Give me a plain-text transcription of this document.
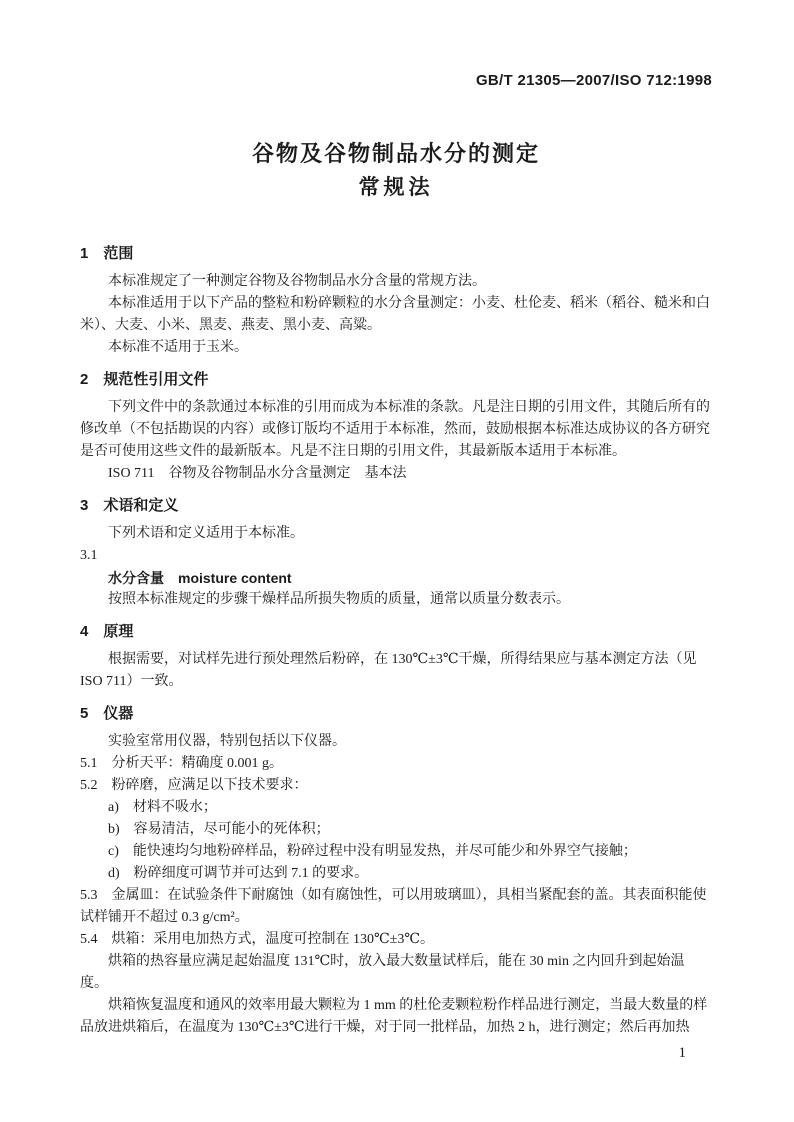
GB/T 21305—2007/ISO 712:1998
谷物及谷物制品水分的测定
常规法
1　范围

本标准规定了一种测定谷物及谷物制品水分含量的常规方法。

本标准适用于以下产品的整粒和粉碎颗粒的水分含量测定：小麦、杜伦麦、稻米（稻谷、糙米和白米）、大麦、小米、黑麦、燕麦、黑小麦、高粱。

本标准不适用于玉米。

2　规范性引用文件

下列文件中的条款通过本标准的引用而成为本标准的条款。凡是注日期的引用文件，其随后所有的修改单（不包括勘误的内容）或修订版均不适用于本标准，然而，鼓励根据本标准达成协议的各方研究是否可使用这些文件的最新版本。凡是不注日期的引用文件，其最新版本适用于本标准。

ISO 711　谷物及谷物制品水分含量测定　基本法

3　术语和定义

下列术语和定义适用于本标准。

3.1

水分含量　moisture content

按照本标准规定的步骤干燥样品所损失物质的质量，通常以质量分数表示。

4　原理

根据需要，对试样先进行预处理然后粉碎，在 130℃±3℃干燥，所得结果应与基本测定方法（见 ISO 711）一致。

5　仪器

实验室常用仪器，特别包括以下仪器。

5.1　分析天平：精确度 0.001 g。

5.2　粉碎磨，应满足以下技术要求：

a)　材料不吸水；

b)　容易清洁，尽可能小的死体积；

c)　能快速均匀地粉碎样品，粉碎过程中没有明显发热，并尽可能少和外界空气接触；

d)　粉碎细度可调节并可达到 7.1 的要求。

5.3　金属皿：在试验条件下耐腐蚀（如有腐蚀性，可以用玻璃皿），具相当紧配套的盖。其表面积能使试样铺开不超过 0.3 g/cm²。

5.4　烘箱：采用电加热方式，温度可控制在 130℃±3℃。

烘箱的热容量应满足起始温度 131℃时，放入最大数量试样后，能在 30 min 之内回升到起始温度。

烘箱恢复温度和通风的效率用最大颗粒为 1 mm 的杜伦麦颗粒粉作样品进行测定，当最大数量的样品放进烘箱后，在温度为 130℃±3℃进行干燥，对于同一批样品，加热 2 h，进行测定；然后再加热

1
